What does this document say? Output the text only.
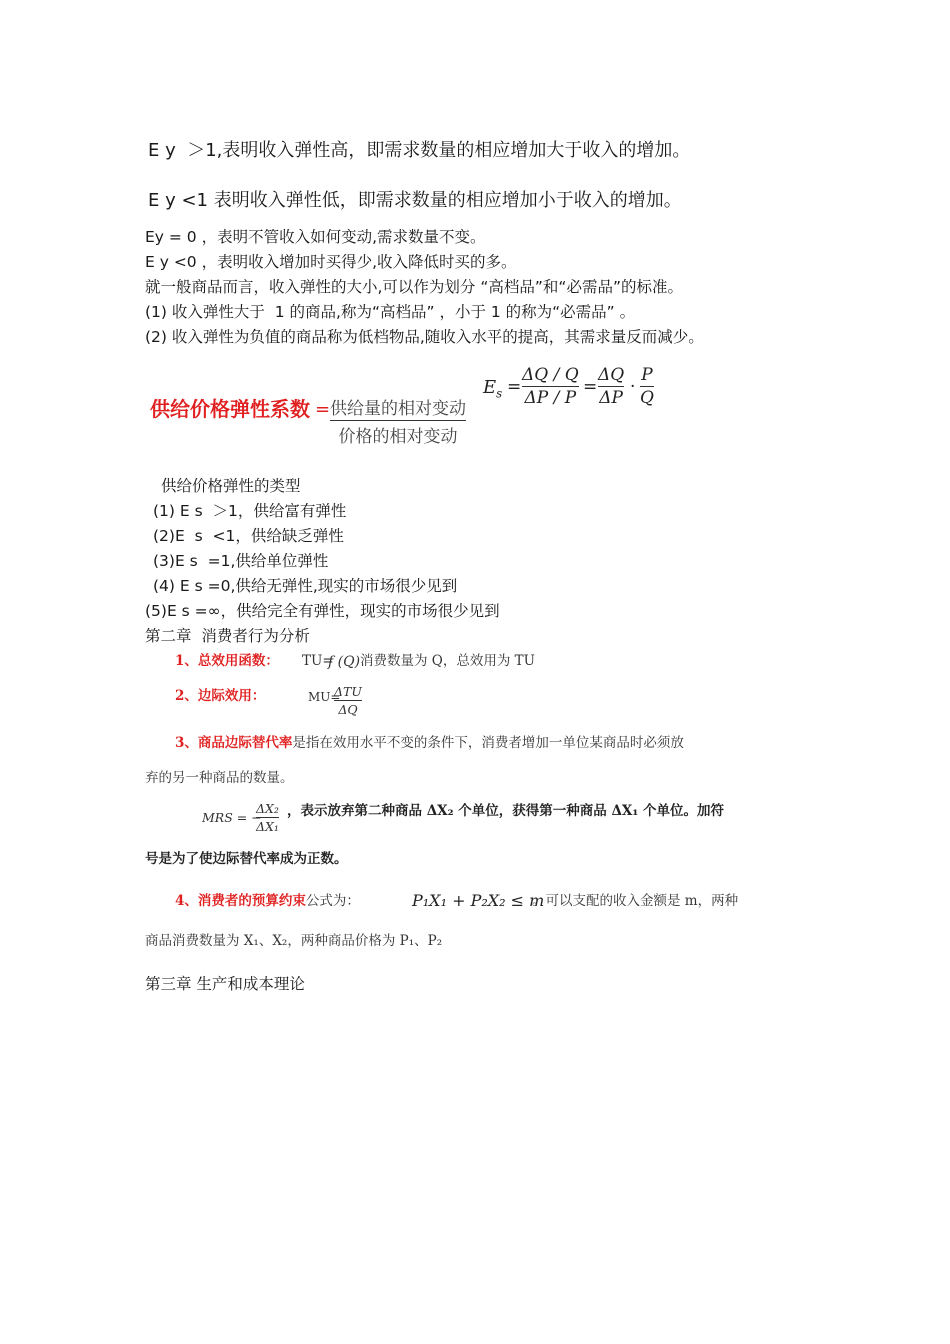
E y  ＞1,表明收入弹性高，即需求数量的相应增加大于收入的增加。
E y <1 表明收入弹性低，即需求数量的相应增加小于收入的增加。
Ey = 0 ，表明不管收入如何变动,需求数量不变。
E y <0 ，表明收入增加时买得少,收入降低时买的多。
就一般商品而言，收入弹性的大小,可以作为划分 “高档品”和“必需品”的标准。
(1) 收入弹性大于  1 的商品,称为“高档品” ，小于 1 的称为“必需品” 。
(2) 收入弹性为负值的商品称为低档物品,随收入水平的提高，其需求量反而减少。
供给价格弹性系数 = 供给量的相对变动
价格的相对变动
$E_s$ =
ΔQ / Q
ΔP / P
=
ΔQ
ΔP
·
P
Q
供给价格弹性的类型
(1) E s  ＞1，供给富有弹性
(2)E  s  <1，供给缺乏弹性
(3)E s  =1,供给单位弹性
(4) E s =0,供给无弹性,现实的市场很少见到
(5)E s =∞，供给完全有弹性，现实的市场很少见到
第二章  消费者行为分析
1、总效用函数： TU=
f (Q) 消费数量为 Q，总效用为 TU
2、边际效用：	MU=
ΔTU
ΔQ
3、商品边际替代率是指在效用水平不变的条件下，消费者增加一单位某商品时必须放
弃的另一种商品的数量。
MRS = −
ΔX₂
ΔX₁
，表示放弃第二种商品 ΔX₂ 个单位，获得第一种商品 ΔX₁ 个单位。加符
号是为了使边际替代率成为正数。
4、消费者的预算约束公式为：	P₁X₁ + P₂X₂ ≤ m
。可以支配的收入金额是 m，两种
商品消费数量为 X₁、X₂，两种商品价格为 P₁、P₂
第三章 生产和成本理论
